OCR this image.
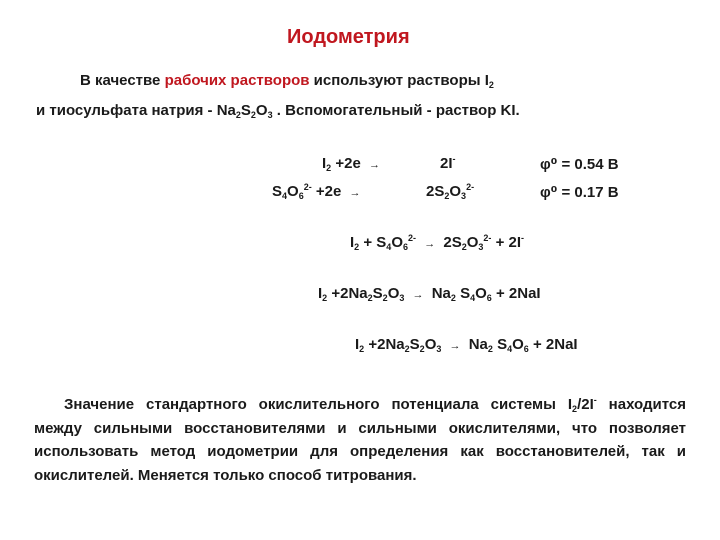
Иодометрия
В качестве рабочих растворов используют растворы $I_2$
и тиосульфата натрия - $Na_2S_2O_3$ . Вспомогательный - раствор KI.
$I_2 +2e$ →	2I-	φ⁰ = 0.54 В
$S_4O_6^{2-} +2e$ →	$2S_2O_3^{2-}$	φ⁰ = 0.17 В
$I_2 + S_4O_6^{2-} \to 2S_2O_3^{2-} + 2I^-$
$I_2 +2Na_2S_2O_3 \to Na_2$ $S_4O_6 + 2NaI$
$I_2 +2Na_2S_2O_3 \to Na_2$ $S_4O_6 + 2NaI$
Значение стандартного окислительного потенциала системы $I_2/2I^-$ находится между сильными восстановителями и сильными окислителями, что позволяет использовать метод иодометрии для определения как восстановителей, так и окислителей. Меняется только способ титрования.
